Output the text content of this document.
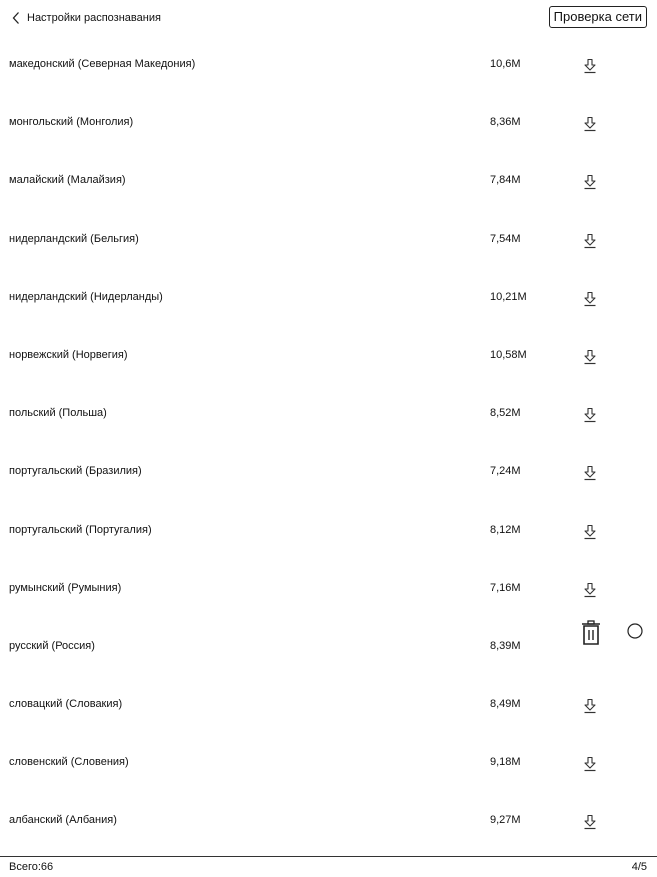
Настройки распознавания	Проверка сети
македонский (Северная Македония)	10,6M
монгольский (Монголия)	8,36M
малайский (Малайзия)	7,84M
нидерландский (Бельгия)	7,54M
нидерландский (Нидерланды)	10,21M
норвежский (Норвегия)	10,58M
польский (Польша)	8,52M
португальский (Бразилия)	7,24M
португальский (Португалия)	8,12M
румынский (Румыния)	7,16M
русский (Россия)	8,39M
словацкий (Словакия)	8,49M
словенский (Словения)	9,18M
албанский (Албания)	9,27M
Всего:66	4/5
